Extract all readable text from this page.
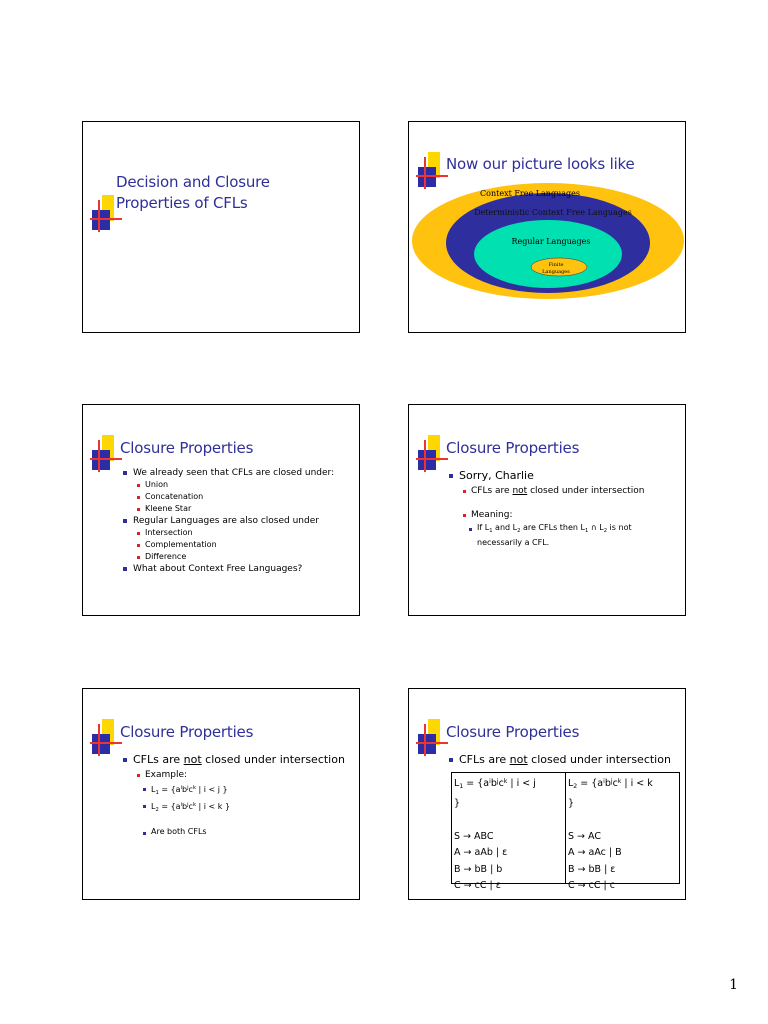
Decision and Closure
Properties of CFLs
Now our picture looks like
Context Free Languages
Deterministic Context Free Languages
Regular Languages
Finite
Languages
Closure Properties

We already seen that CFLs are closed under:

Union

Concatenation

Kleene Star

Regular Languages are also closed under

Intersection

Complementation

Difference

What about Context Free Languages?

Closure Properties

Sorry, Charlie

CFLs are not closed under intersection

Meaning:

If $L_1$ and $L_2$ are CFLs then $L_1$ ∩ $L_2$ is not
necessarily a CFL.

Closure Properties

CFLs are not closed under intersection

Example:

$L_1 = \{a^ib^jc^k$ | i < j }

$L_2 = \{a^ib^jc^k$ | i < k }

Are both CFLs

Closure Properties

CFLs are not closed under intersection

$L_1 = \{a^ib^jc^k$ | i < j
}

S → ABC
A → aAb | ε
B → bB | b
C → cC | ε
$L_2 = \{a^ib^jc^k$ | i < k
}

S → AC
A → aAc | B
B → bB | ε
C → cC | c
1
